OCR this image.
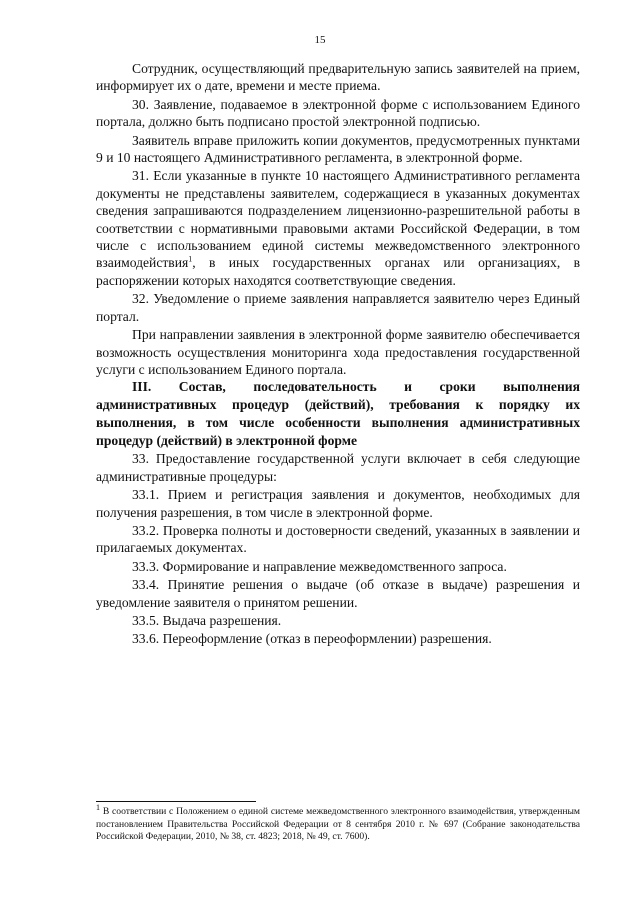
15

Сотрудник, осуществляющий предварительную запись заявителей на прием, информирует их о дате, времени и месте приема.

30. Заявление, подаваемое в электронной форме с использованием Единого портала, должно быть подписано простой электронной подписью.

Заявитель вправе приложить копии документов, предусмотренных пунктами 9 и 10 настоящего Административного регламента, в электронной форме.

31. Если указанные в пункте 10 настоящего Административного регламента документы не представлены заявителем, содержащиеся в указанных документах сведения запрашиваются подразделением лицензионно-разрешительной работы в соответствии с нормативными правовыми актами Российской Федерации, в том числе с использованием единой системы межведомственного электронного взаимодействия$^1$, в иных государственных органах или организациях, в распоряжении которых находятся соответствующие сведения.

32. Уведомление о приеме заявления направляется заявителю через Единый портал.

При направлении заявления в электронной форме заявителю обеспечивается возможность осуществления мониторинга хода предоставления государственной услуги с использованием Единого портала.

III. Состав, последовательность и сроки выполнения административных процедур (действий), требования к порядку их выполнения, в том числе особенности выполнения административных процедур (действий) в электронной форме

33. Предоставление государственной услуги включает в себя следующие административные процедуры:

33.1. Прием и регистрация заявления и документов, необходимых для получения разрешения, в том числе в электронной форме.

33.2. Проверка полноты и достоверности сведений, указанных в заявлении и прилагаемых документах.

33.3. Формирование и направление межведомственного запроса.

33.4. Принятие решения о выдаче (об отказе в выдаче) разрешения и уведомление заявителя о принятом решении.

33.5. Выдача разрешения.

33.6. Переоформление (отказ в переоформлении) разрешения.

$^1$ В соответствии с Положением о единой системе межведомственного электронного взаимодействия, утвержденным постановлением Правительства Российской Федерации от 8 сентября 2010 г. № 697 (Собрание законодательства Российской Федерации, 2010, № 38, ст. 4823; 2018, № 49, ст. 7600).
